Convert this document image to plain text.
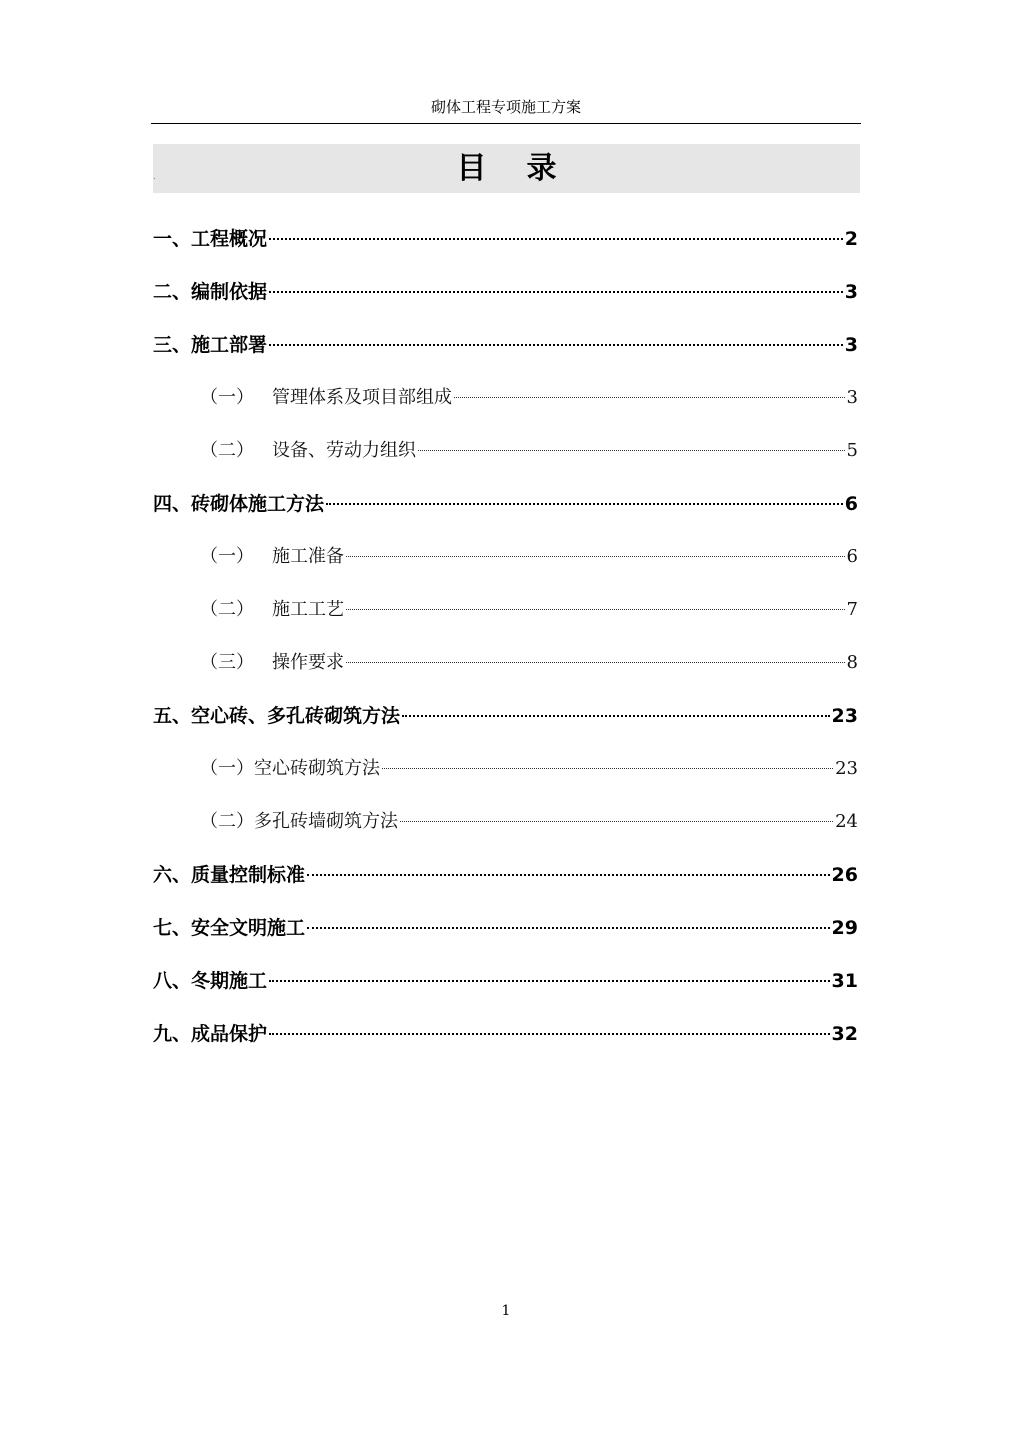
砌体工程专项施工方案
.	目录
一、工程概况	2
二、编制依据	3
三、施工部署	3
（一） 管理体系及项目部组成	3
（二） 设备、劳动力组织	5
四、砖砌体施工方法	6
（一） 施工准备	6
（二） 施工工艺	7
（三） 操作要求	8
五、空心砖、多孔砖砌筑方法	23
（一）空心砖砌筑方法	23
（二）多孔砖墙砌筑方法	24
六、质量控制标准	26
七、安全文明施工	29
八、冬期施工	31
九、成品保护	32
1
